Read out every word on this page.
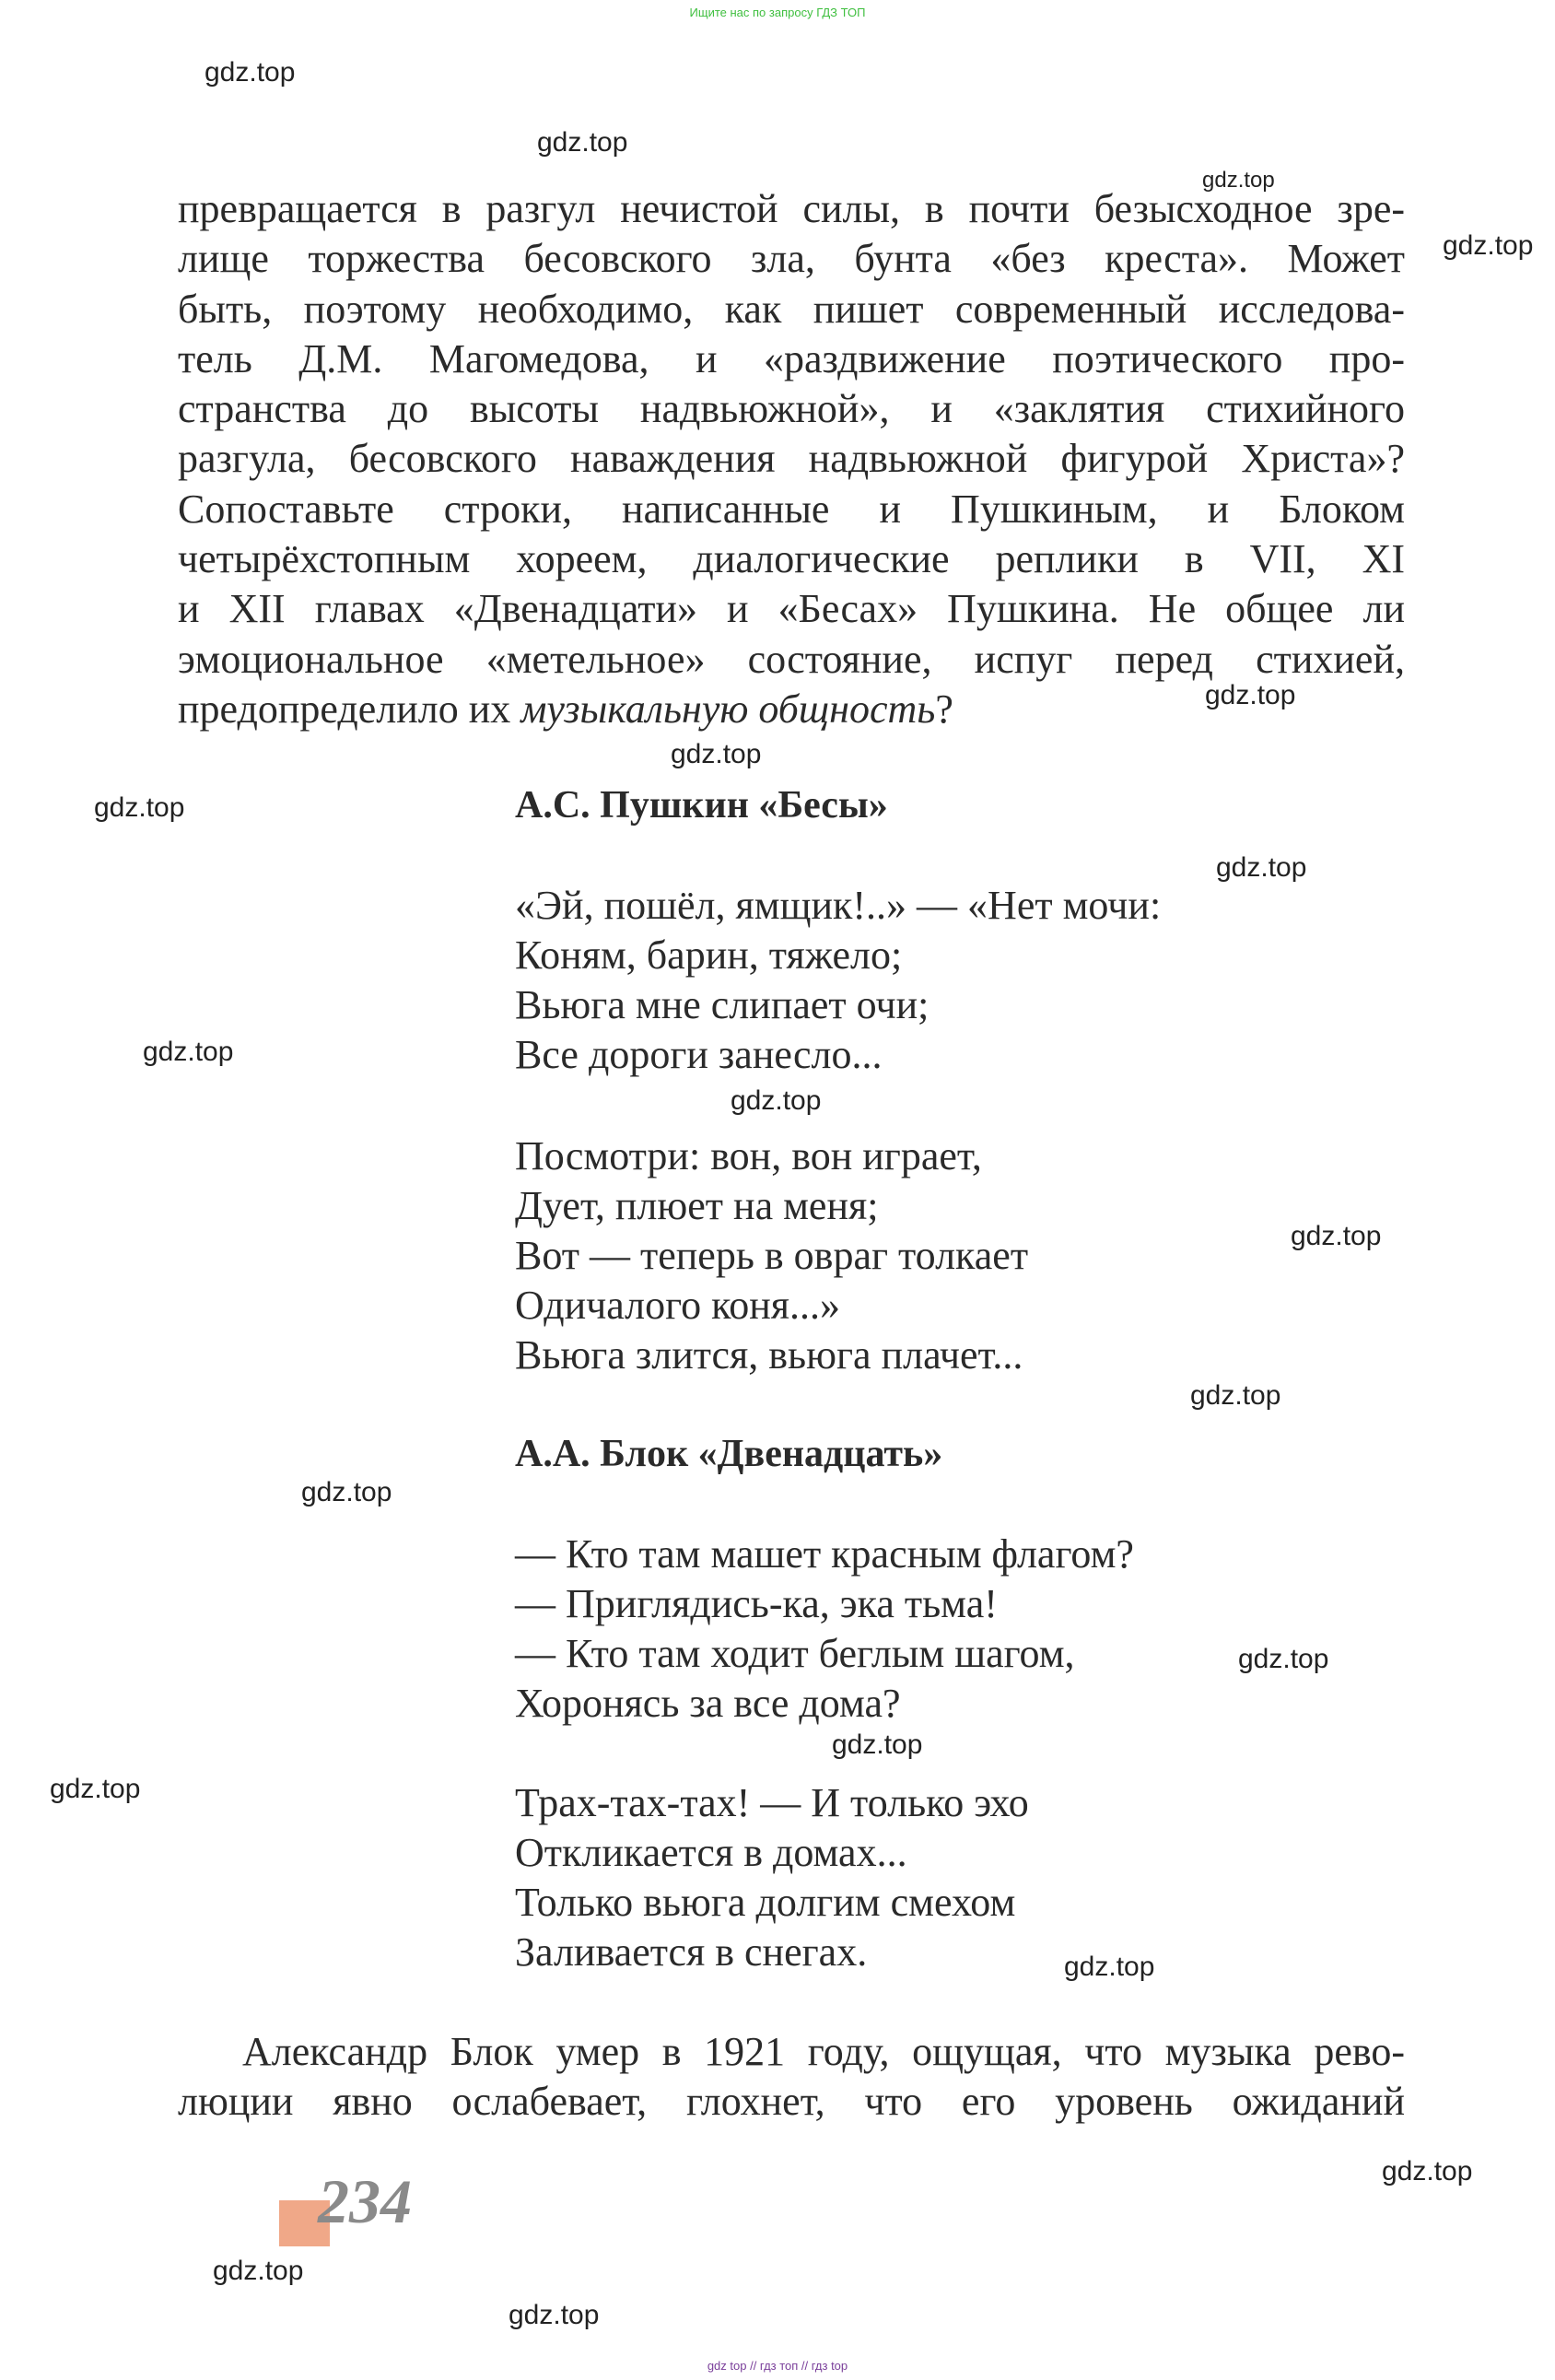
Ищите нас по запросу ГДЗ ТОП
gdz.top
gdz.top
gdz.top
gdz.top
gdz.top
gdz.top
gdz.top
gdz.top
gdz.top
gdz.top
gdz.top
gdz.top
gdz.top
gdz.top
gdz.top
gdz.top
gdz.top
gdz.top
gdz.top
gdz.top
превращается в разгул нечистой силы, в почти безысходное зре-
лище торжества бесовского зла, бунта «без креста». Может
быть, поэтому необходимо, как пишет современный исследова-
тель Д.М. Магомедова, и «раздвижение поэтического про-
странства до высоты надвьюжной», и «заклятия стихийного
разгула, бесовского наваждения надвьюжной фигурой Христа»?
Сопоставьте строки, написанные и Пушкиным, и Блоком
четырёхстопным хореем, диалогические реплики в VII, XI
и XII главах «Двенадцати» и «Бесах» Пушкина. Не общее ли
эмоциональное «метельное» состояние, испуг перед стихией,
предопределило их музыкальную общность?
А.С. Пушкин «Бесы»
«Эй, пошёл, ямщик!..» — «Нет мочи:
Коням, барин, тяжело;
Вьюга мне слипает очи;
Все дороги занесло...
Посмотри: вон, вон играет,
Дует, плюет на меня;
Вот — теперь в овраг толкает
Одичалого коня...»
Вьюга злится, вьюга плачет...
А.А. Блок «Двенадцать»
— Кто там машет красным флагом?
— Приглядись-ка, эка тьма!
— Кто там ходит беглым шагом,
Хоронясь за все дома?
Трах-тах-тах! — И только эхо
Откликается в домах...
Только вьюга долгим смехом
Заливается в снегах.
Александр Блок умер в 1921 году, ощущая, что музыка рево-
люции явно ослабевает, глохнет, что его уровень ожиданий
234
gdz top // гдз топ // гдз top
